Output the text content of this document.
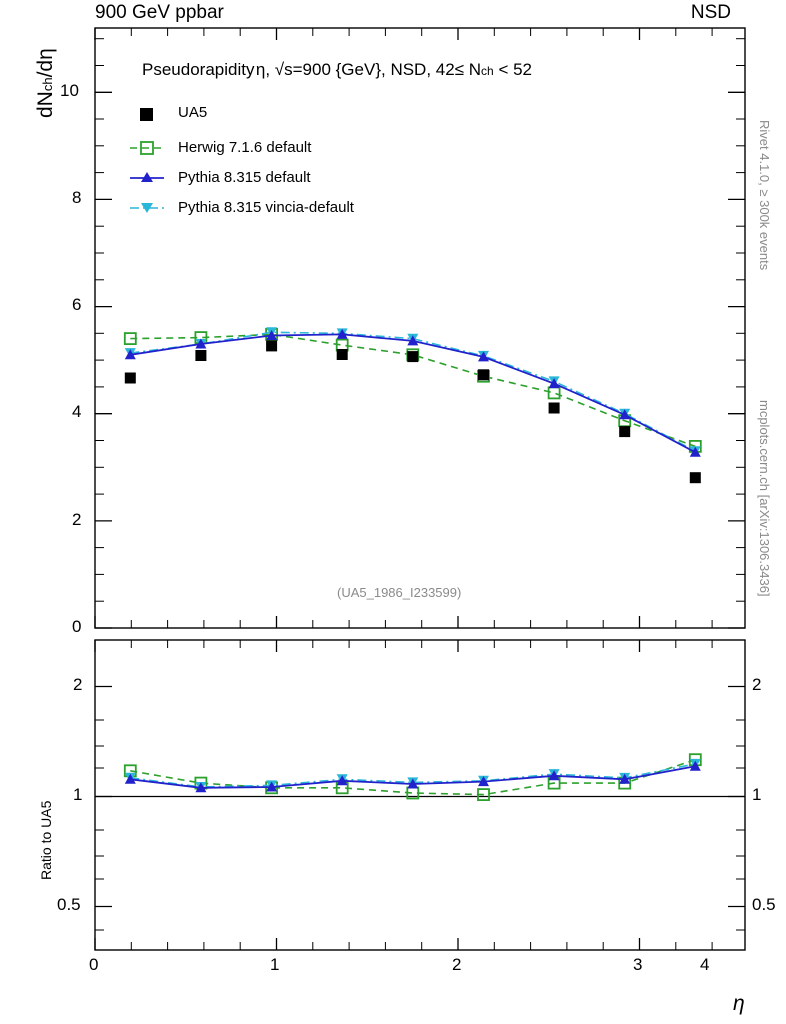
900 GeV ppbar	NSD
Rivet 4.1.0, ≥ 300k events
mcplots.cern.ch [arXiv:1306.3436]
dNch/dη
Ratio to UA5
η
Pseudorapidity η, √s=900 {GeV}, NSD, 42≤ Nch < 52
(UA5_1986_I233599)
UA5
Herwig 7.1.6 default
Pythia 8.315 default
Pythia 8.315 vincia-default
10
8
6
4
2
0
2
1
0.5
2
1
0.5
0	1	2	3	4
